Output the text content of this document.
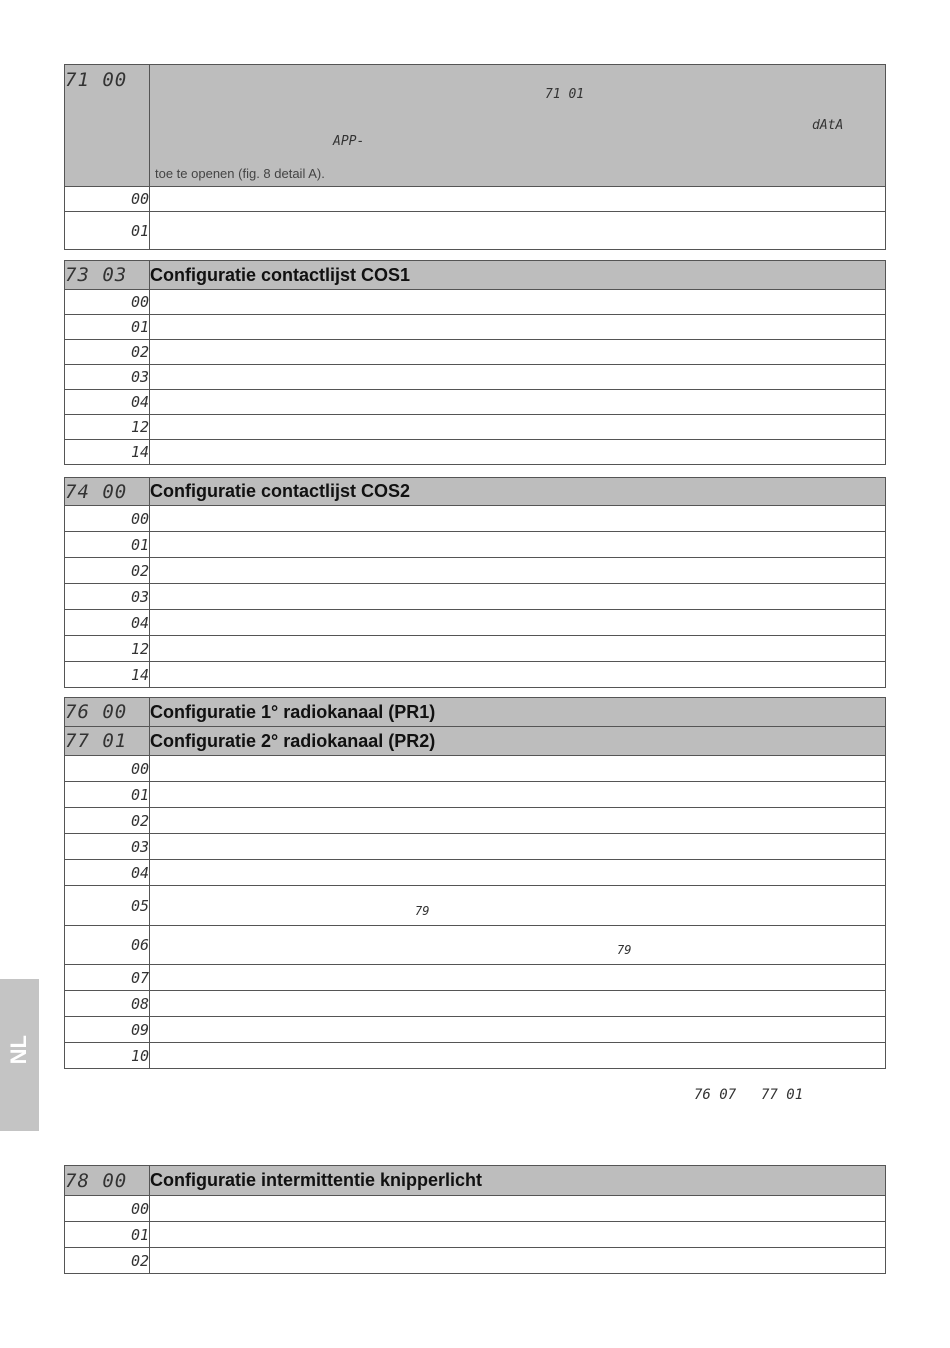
NL
71 00	71 01
dAtA
APP-
toe te openen (fig. 8 detail A).

00	
01	
73 03	Configuratie contactlijst COS1
00	
01	
02	
03	
04	
12	
14	
74 00	Configuratie contactlijst COS2
00	
01	
02	
03	
04	
12	
14	
76 00	Configuratie 1° radiokanaal (PR1)
77 01	Configuratie 2° radiokanaal (PR2)
00	
01	
02	
03	
04	
05	79

06	79

07	
08	
09	
10	
76 07 77 01
78 00	Configuratie intermittentie knipperlicht
00	
01	
02	
